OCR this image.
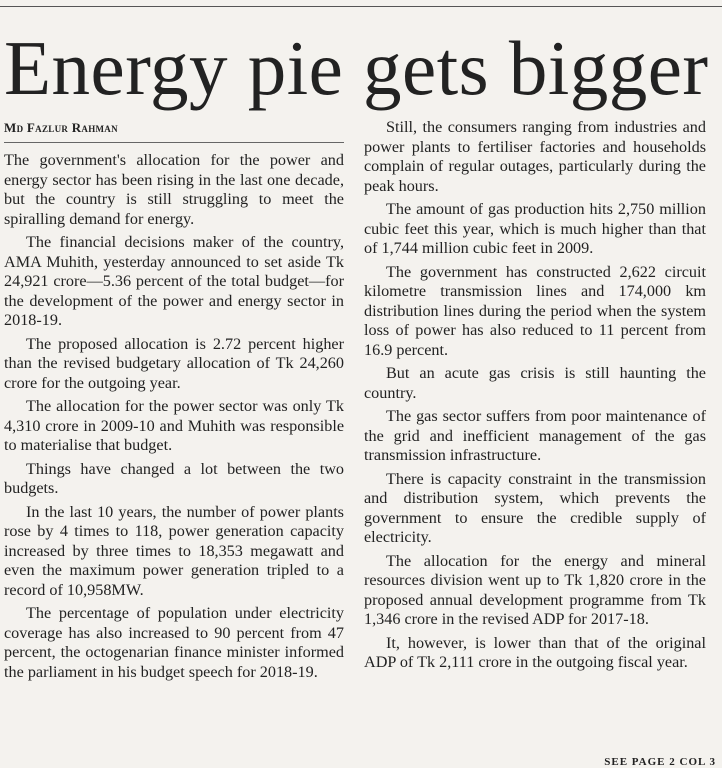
Energy pie gets bigger
Md Fazlur Rahman

The government's allocation for the power and energy sector has been rising in the last one decade, but the country is still struggling to meet the spiralling demand for energy.

The financial decisions maker of the country, AMA Muhith, yesterday announced to set aside Tk 24,921 crore—5.36 percent of the total budget—for the development of the power and energy sector in 2018-19.

The proposed allocation is 2.72 percent higher than the revised budgetary allocation of Tk 24,260 crore for the outgoing year.

The allocation for the power sector was only Tk 4,310 crore in 2009-10 and Muhith was responsible to materialise that budget.

Things have changed a lot between the two budgets.

In the last 10 years, the number of power plants rose by 4 times to 118, power generation capacity increased by three times to 18,353 megawatt and even the maximum power generation tripled to a record of 10,958MW.

The percentage of population under electricity coverage has also increased to 90 percent from 47 percent, the octogenarian finance minister informed the parliament in his budget speech for 2018-19.

Still, the consumers ranging from industries and power plants to fertiliser factories and households complain of regular outages, particularly during the peak hours.

The amount of gas production hits 2,750 million cubic feet this year, which is much higher than that of 1,744 million cubic feet in 2009.

The government has constructed 2,622 circuit kilometre transmission lines and 174,000 km distribution lines during the period when the system loss of power has also reduced to 11 percent from 16.9 percent.

But an acute gas crisis is still haunting the country.

The gas sector suffers from poor maintenance of the grid and inefficient management of the gas transmission infrastructure.

There is capacity constraint in the transmission and distribution system, which prevents the government to ensure the credible supply of electricity.

The allocation for the energy and mineral resources division went up to Tk 1,820 crore in the proposed annual development programme from Tk 1,346 crore in the revised ADP for 2017-18.

It, however, is lower than that of the original ADP of Tk 2,111 crore in the outgoing fiscal year.

SEE PAGE 2 COL 3
